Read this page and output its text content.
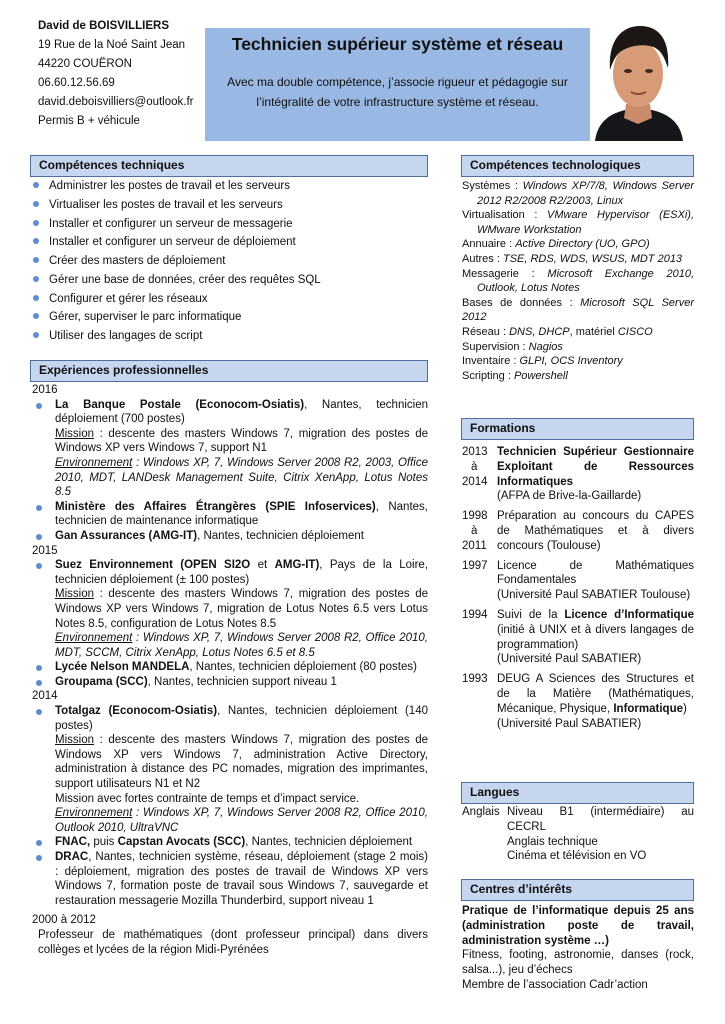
David de BOISVILLIERS
19 Rue de la Noé Saint Jean
44220 COUËRON
06.60.12.56.69
david.deboisvilliers@outlook.fr
Permis B + véhicule
Technicien supérieur système et réseau
Avec ma double compétence, j’associe rigueur et pédagogie sur l’intégralité de votre infrastructure système et réseau.
Compétences techniques
Administrer les postes de travail et les serveurs
Virtualiser les postes de travail et les serveurs
Installer et configurer un serveur de messagerie
Installer et configurer un serveur de déploiement
Créer des masters de déploiement
Gérer une base de données, créer des requêtes SQL
Configurer et gérer les réseaux
Gérer, superviser le parc informatique
Utiliser des langages de script
Expériences professionnelles
2016
La Banque Postale (Econocom-Osiatis), Nantes, technicien déploiement (700 postes)
Mission : descente des masters Windows 7, migration des postes de Windows XP vers Windows 7, support N1
Environnement : Windows XP, 7, Windows Server 2008 R2, 2003, Office 2010, MDT, LANDesk Management Suite, Citrix XenApp, Lotus Notes 8.5
Ministère des Affaires Étrangères (SPIE Infoservices), Nantes, technicien de maintenance informatique
Gan Assurances (AMG-IT), Nantes, technicien déploiement
2015
Suez Environnement (OPEN SI2O et AMG-IT), Pays de la Loire, technicien déploiement (± 100 postes)
Mission : descente des masters Windows 7, migration des postes de Windows XP vers Windows 7, migration de Lotus Notes 6.5 vers Lotus Notes 8.5, configuration de Lotus Notes 8.5
Environnement : Windows XP, 7, Windows Server 2008 R2, Office 2010, MDT, SCCM, Citrix XenApp, Lotus Notes 6.5 et 8.5
Lycée Nelson MANDELA, Nantes, technicien déploiement (80 postes)
Groupama (SCC), Nantes, technicien support niveau 1
2014
Totalgaz (Econocom-Osiatis), Nantes, technicien déploiement (140 postes)
Mission : descente des masters Windows 7, migration des postes de Windows XP vers Windows 7, administration Active Directory, administration à distance des PC nomades, migration des imprimantes, support utilisateurs N1 et N2
Mission avec fortes contrainte de temps et d’impact service.
Environnement : Windows XP, 7, Windows Server 2008 R2, Office 2010, Outlook 2010, UltraVNC
FNAC, puis Capstan Avocats (SCC), Nantes, technicien déploiement
DRAC, Nantes, technicien système, réseau, déploiement (stage 2 mois) : déploiement, migration des postes de travail de Windows XP vers Windows 7, formation poste de travail sous Windows 7, sauvegarde et restauration messagerie Mozilla Thunderbird, support niveau 1
2000 à 2012
Professeur de mathématiques (dont professeur principal) dans divers collèges et lycées de la région Midi-Pyrénées
Compétences technologiques
Systèmes : Windows XP/7/8, Windows Server 2012 R2/2008 R2/2003, Linux
Virtualisation : VMware Hypervisor (ESXi), WMware Workstation
Annuaire : Active Directory (UO, GPO)
Autres : TSE, RDS, WDS, WSUS, MDT 2013
Messagerie : Microsoft Exchange 2010, Outlook, Lotus Notes
Bases de données : Microsoft SQL Server 2012
Réseau : DNS, DHCP, matériel CISCO
Supervision : Nagios
Inventaire : GLPI, OCS Inventory
Scripting : Powershell
Formations
2013
à
2014
Technicien Supérieur Gestionnaire Exploitant de Ressources Informatiques
(AFPA de Brive-la-Gaillarde)
1998
à
2011
Préparation au concours du CAPES de Mathématiques et à divers concours (Toulouse)
1997 Licence de Mathématiques Fondamentales
(Université Paul SABATIER Toulouse)
1994 Suivi de la Licence d’Informatique (initié à UNIX et à divers langages de programmation)
(Université Paul SABATIER)
1993 DEUG A Sciences des Structures et de la Matière (Mathématiques, Mécanique, Physique, Informatique)
(Université Paul SABATIER)
Langues
Anglais Niveau B1 (intermédiaire) au CECRL
Anglais technique
Cinéma et télévision en VO
Centres d’intérêts
Pratique de l’informatique depuis 25 ans (administration poste de travail, administration système …)
Fitness, footing, astronomie, danses (rock, salsa...), jeu d’échecs
Membre de l’association Cadr’action
